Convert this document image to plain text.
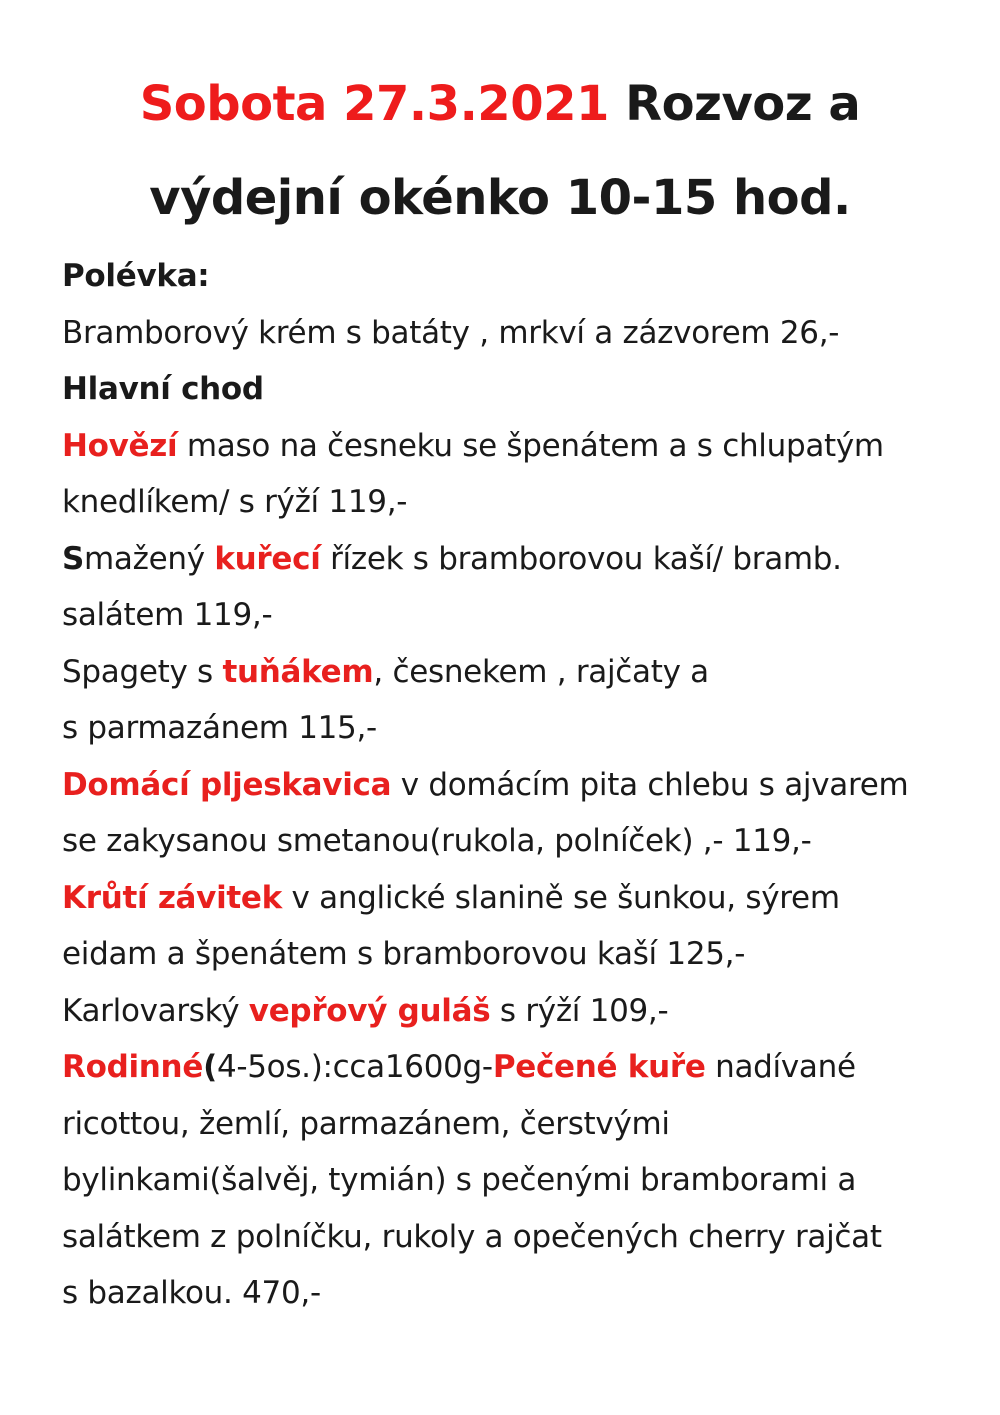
Sobota 27.3.2021 Rozvoz a
výdejní okénko 10-15 hod.
Polévka:
Bramborový krém s batáty , mrkví a zázvorem 26,-
Hlavní chod
Hovězí maso na česneku se špenátem a s chlupatým
knedlíkem/ s rýží 119,-
Smažený kuřecí řízek s bramborovou kaší/ bramb.
salátem 119,-
Spagety s tuňákem, česnekem , rajčaty a
s parmazánem 115,-
Domácí pljeskavica v domácím pita chlebu s ajvarem
se zakysanou smetanou(rukola, polníček) ,- 119,-
Krůtí závitek v anglické slanině se šunkou, sýrem
eidam a špenátem s bramborovou kaší 125,-
Karlovarský vepřový guláš s rýží 109,-
Rodinné(4-5os.):cca1600g-Pečené kuře nadívané
ricottou, žemlí, parmazánem, čerstvými
bylinkami(šalvěj, tymián) s pečenými bramborami a
salátkem z polníčku, rukoly a opečených cherry rajčat
s bazalkou. 470,-
